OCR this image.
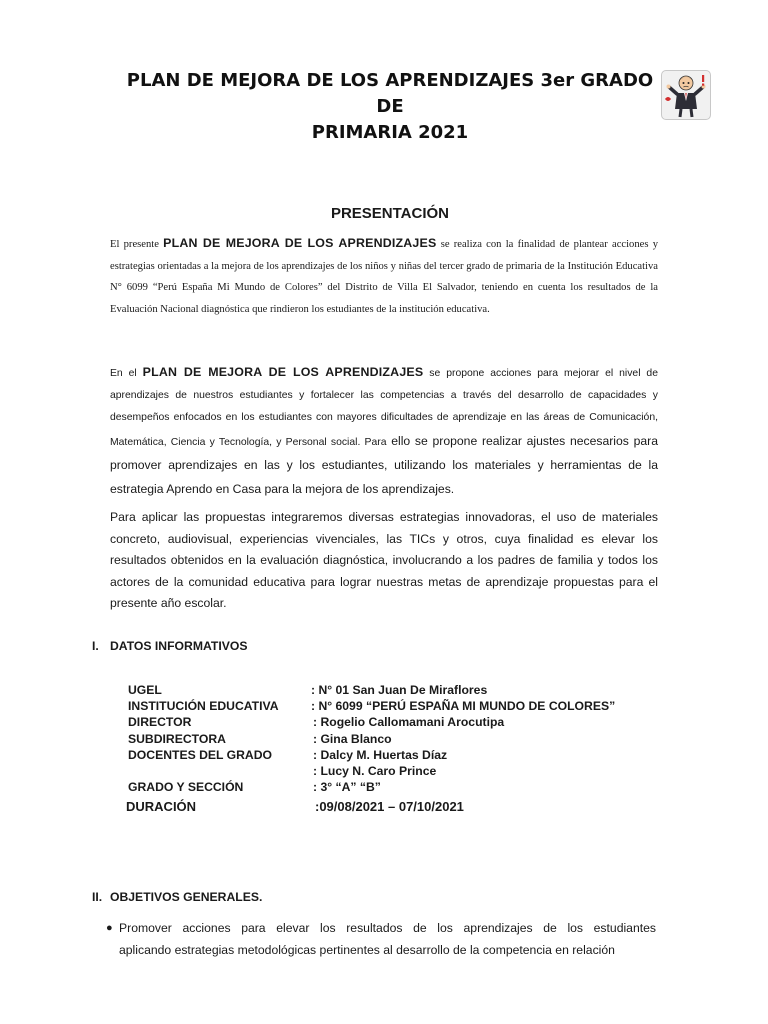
PLAN DE MEJORA DE LOS APRENDIZAJES 3er GRADO DE
PRIMARIA 2021
PRESENTACIÓN
El presente PLAN DE MEJORA DE LOS APRENDIZAJES se realiza con la finalidad de plantear acciones y estrategias orientadas a la mejora de los aprendizajes de los niños y niñas del tercer grado de primaria de la Institución Educativa N° 6099 “Perú España Mi Mundo de Colores” del Distrito de Villa El Salvador, teniendo en cuenta los resultados de la Evaluación Nacional diagnóstica que rindieron los estudiantes de la institución educativa.
En el PLAN DE MEJORA DE LOS APRENDIZAJES se propone acciones para mejorar el nivel de aprendizajes de nuestros estudiantes y fortalecer las competencias a través del desarrollo de capacidades y desempeños enfocados en los estudiantes con mayores dificultades de aprendizaje en las áreas de Comunicación, Matemática, Ciencia y Tecnología, y Personal social. Para ello se propone realizar ajustes necesarios para promover aprendizajes en las y los estudiantes, utilizando los materiales y herramientas de la estrategia Aprendo en Casa para la mejora de los aprendizajes.
Para aplicar las propuestas integraremos diversas estrategias innovadoras, el uso de materiales concreto, audiovisual, experiencias vivenciales, las TICs y otros, cuya finalidad es elevar los resultados obtenidos en la evaluación diagnóstica, involucrando a los padres de familia y todos los actores de la comunidad educativa para lograr nuestras metas de aprendizaje propuestas para el presente año escolar.
I. DATOS INFORMATIVOS
UGEL	: N° 01 San Juan De Miraflores
INSTITUCIÓN EDUCATIVA	: N° 6099 “PERÚ ESPAÑA MI MUNDO DE COLORES”
DIRECTOR	: Rogelio Callomamani Arocutipa
SUBDIRECTORA	: Gina Blanco
DOCENTES DEL GRADO	: Dalcy M. Huertas Díaz
: Lucy N. Caro Prince
GRADO Y SECCIÓN	: 3° “A” “B”
DURACIÓN	:09/08/2021 – 07/10/2021
II. OBJETIVOS GENERALES.
● Promover acciones para elevar los resultados de los aprendizajes de los estudiantes
aplicando estrategias metodológicas pertinentes al desarrollo de la competencia en relación
